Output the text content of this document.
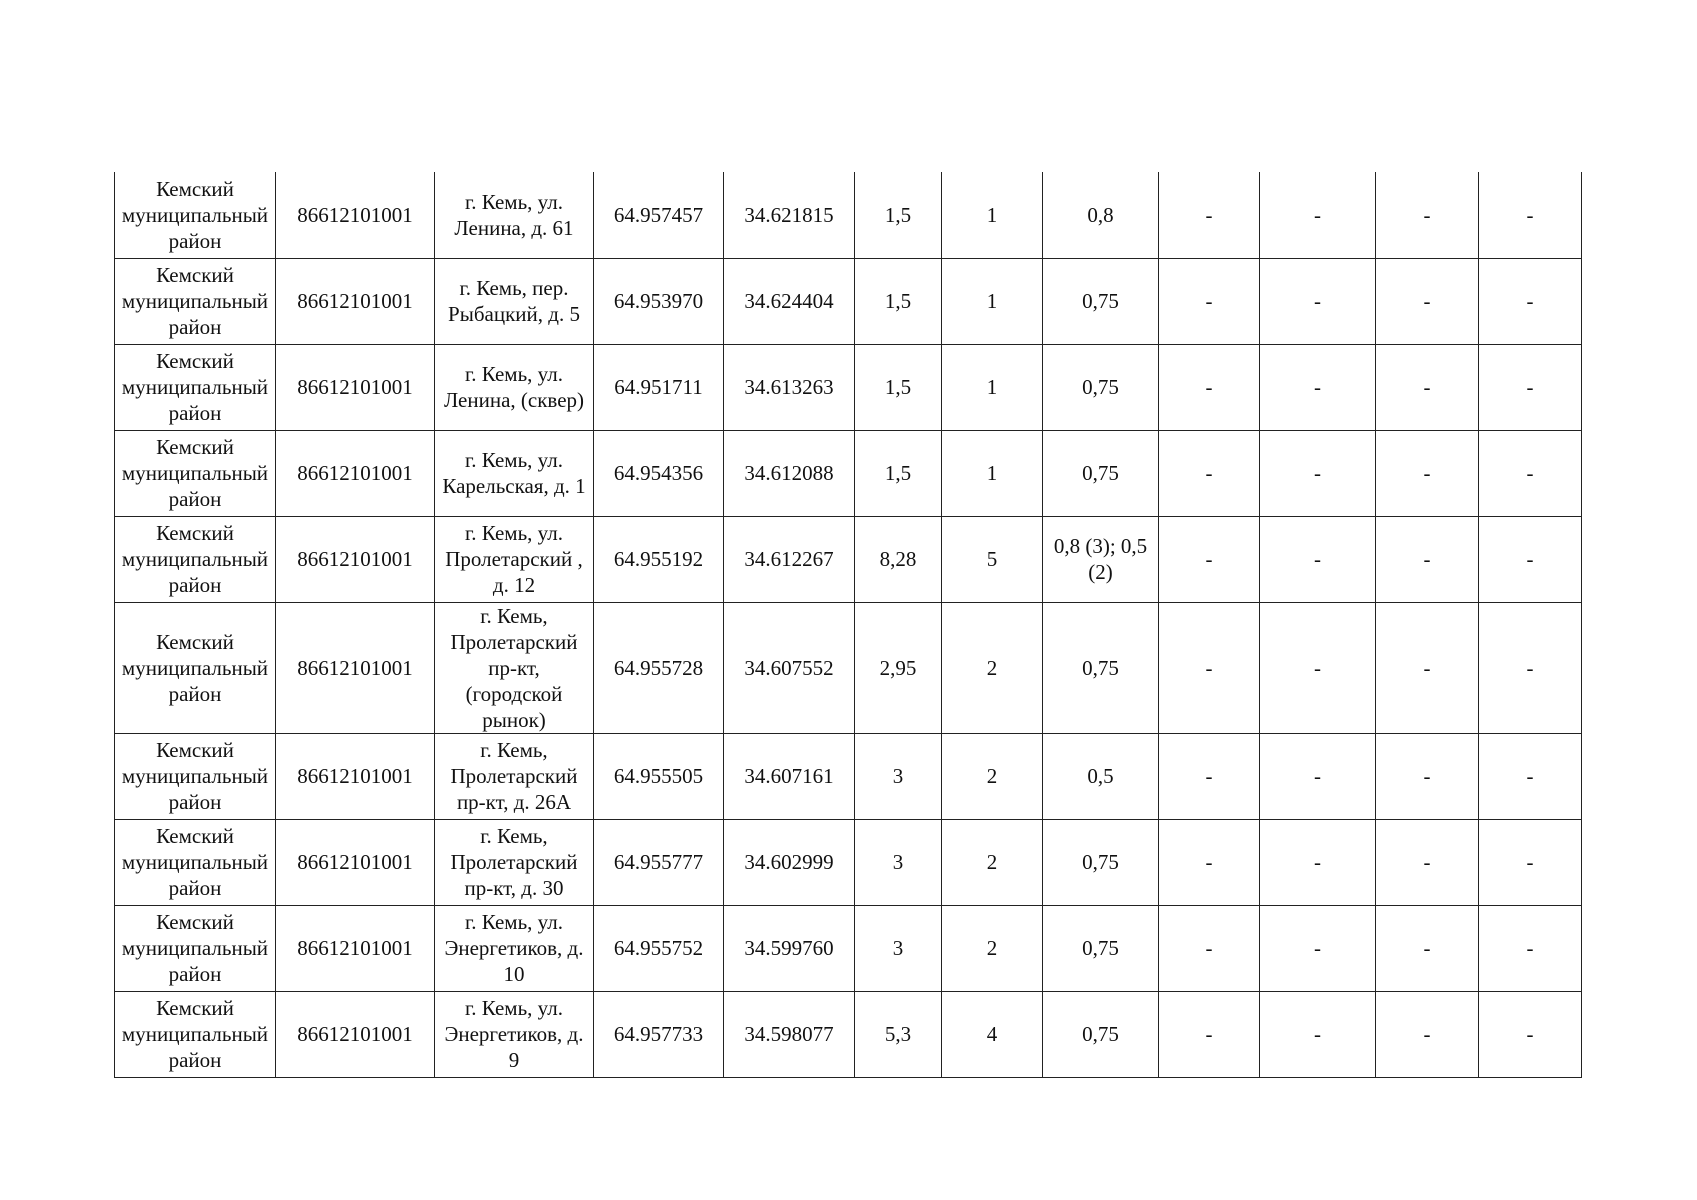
Кемский муниципальный район	86612101001	г. Кемь, ул. Ленина, д. 61	64.957457	34.621815	1,5	1	0,8	-	-	-	-
Кемский муниципальный район	86612101001	г. Кемь, пер. Рыбацкий, д. 5	64.953970	34.624404	1,5	1	0,75	-	-	-	-
Кемский муниципальный район	86612101001	г. Кемь, ул. Ленина, (сквер)	64.951711	34.613263	1,5	1	0,75	-	-	-	-
Кемский муниципальный район	86612101001	г. Кемь, ул. Карельская, д. 1	64.954356	34.612088	1,5	1	0,75	-	-	-	-
Кемский муниципальный район	86612101001	г. Кемь, ул. Пролетарский , д. 12	64.955192	34.612267	8,28	5	0,8 (3); 0,5 (2)	-	-	-	-
Кемский муниципальный район	86612101001	г. Кемь, Пролетарский пр-кт, (городской рынок)	64.955728	34.607552	2,95	2	0,75	-	-	-	-
Кемский муниципальный район	86612101001	г. Кемь, Пролетарский пр-кт, д. 26А	64.955505	34.607161	3	2	0,5	-	-	-	-
Кемский муниципальный район	86612101001	г. Кемь, Пролетарский пр-кт, д. 30	64.955777	34.602999	3	2	0,75	-	-	-	-
Кемский муниципальный район	86612101001	г. Кемь, ул. Энергетиков, д. 10	64.955752	34.599760	3	2	0,75	-	-	-	-
Кемский муниципальный район	86612101001	г. Кемь, ул. Энергетиков, д. 9	64.957733	34.598077	5,3	4	0,75	-	-	-	-
